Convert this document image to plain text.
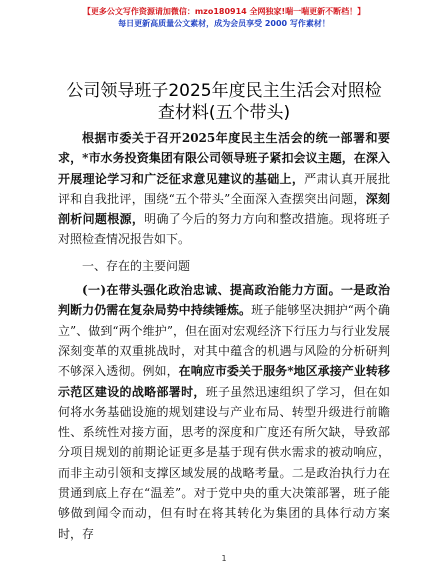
【更多公文写作资源请加微信：mzo180914 全网独家!喘一喘更新不断档！】
每日更新高质量公文素材，成为会员享受 2000 写作素材！
公司领导班子2025年度民主生活会对照检查材料(五个带头)

根据市委关于召开2025年度民主生活会的统一部署和要求，*市水务投资集团有限公司领导班子紧扣会议主题，在深入开展理论学习和广泛征求意见建议的基础上，严肃认真开展批评和自我批评，围绕“五个带头”全面深入查摆突出问题，深刻剖析问题根源，明确了今后的努力方向和整改措施。现将班子对照检查情况报告如下。

一、存在的主要问题

(一)在带头强化政治忠诚、提高政治能力方面。一是政治判断力仍需在复杂局势中持续锤炼。班子能够坚决拥护“两个确立”、做到“两个维护”，但在面对宏观经济下行压力与行业发展深刻变革的双重挑战时，对其中蕴含的机遇与风险的分析研判不够深入透彻。例如，在响应市委关于服务*地区承接产业转移示范区建设的战略部署时，班子虽然迅速组织了学习，但在如何将水务基础设施的规划建设与产业布局、转型升级进行前瞻性、系统性对接方面，思考的深度和广度还有所欠缺，导致部分项目规划的前期论证更多是基于现有供水需求的被动响应，而非主动引领和支撑区域发展的战略考量。二是政治执行力在贯通到底上存在“温差”。对于党中央的重大决策部署，班子能够做到闻令而动，但有时在将其转化为集团的具体行动方案时，存

1
